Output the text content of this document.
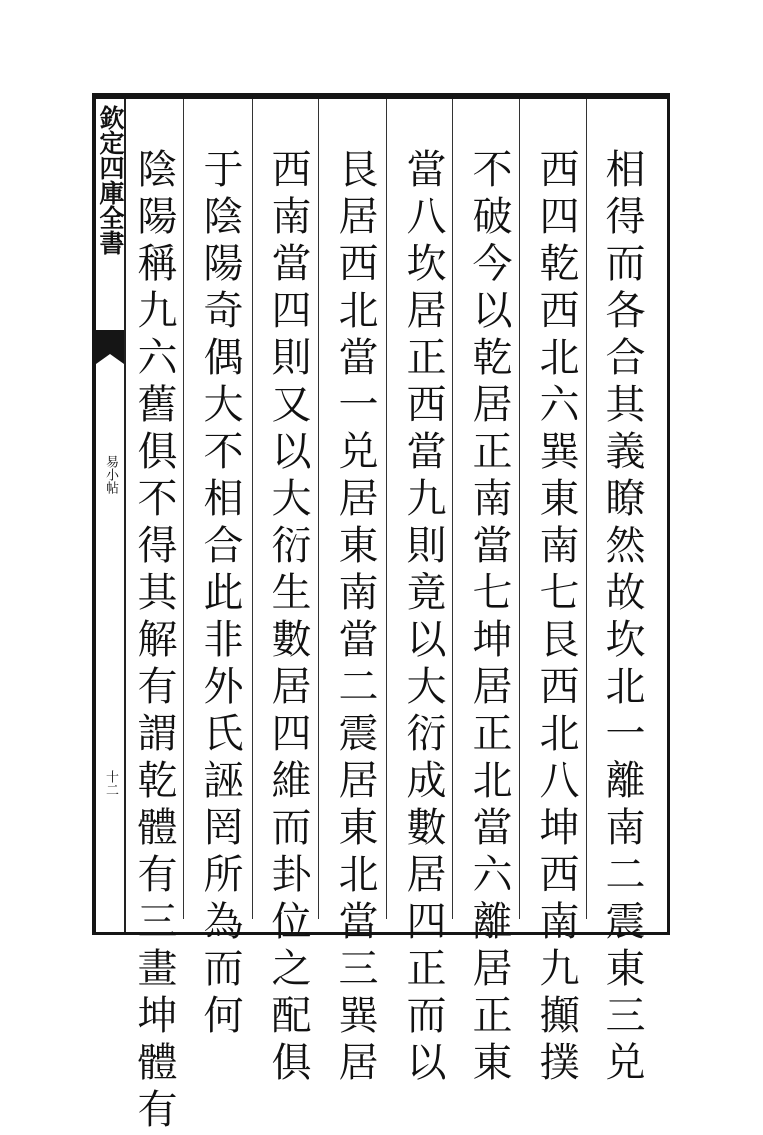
欽定四庫全書
易小帖
十二	相得而各合其義瞭然故坎北一離南二震東三兑
西四乾西北六巽東南七艮西北八坤西南九攧撲
不破今以乾居正南當七坤居正北當六離居正東
當八坎居正西當九則竟以大衍成數居四正而以
艮居西北當一兑居東南當二震居東北當三巽居
西南當四則又以大衍生數居四維而卦位之配俱
于陰陽奇偶大不相合此非外氏誣罔所為而何
陰陽稱九六舊俱不得其解有謂乾體有三畫坤體有
